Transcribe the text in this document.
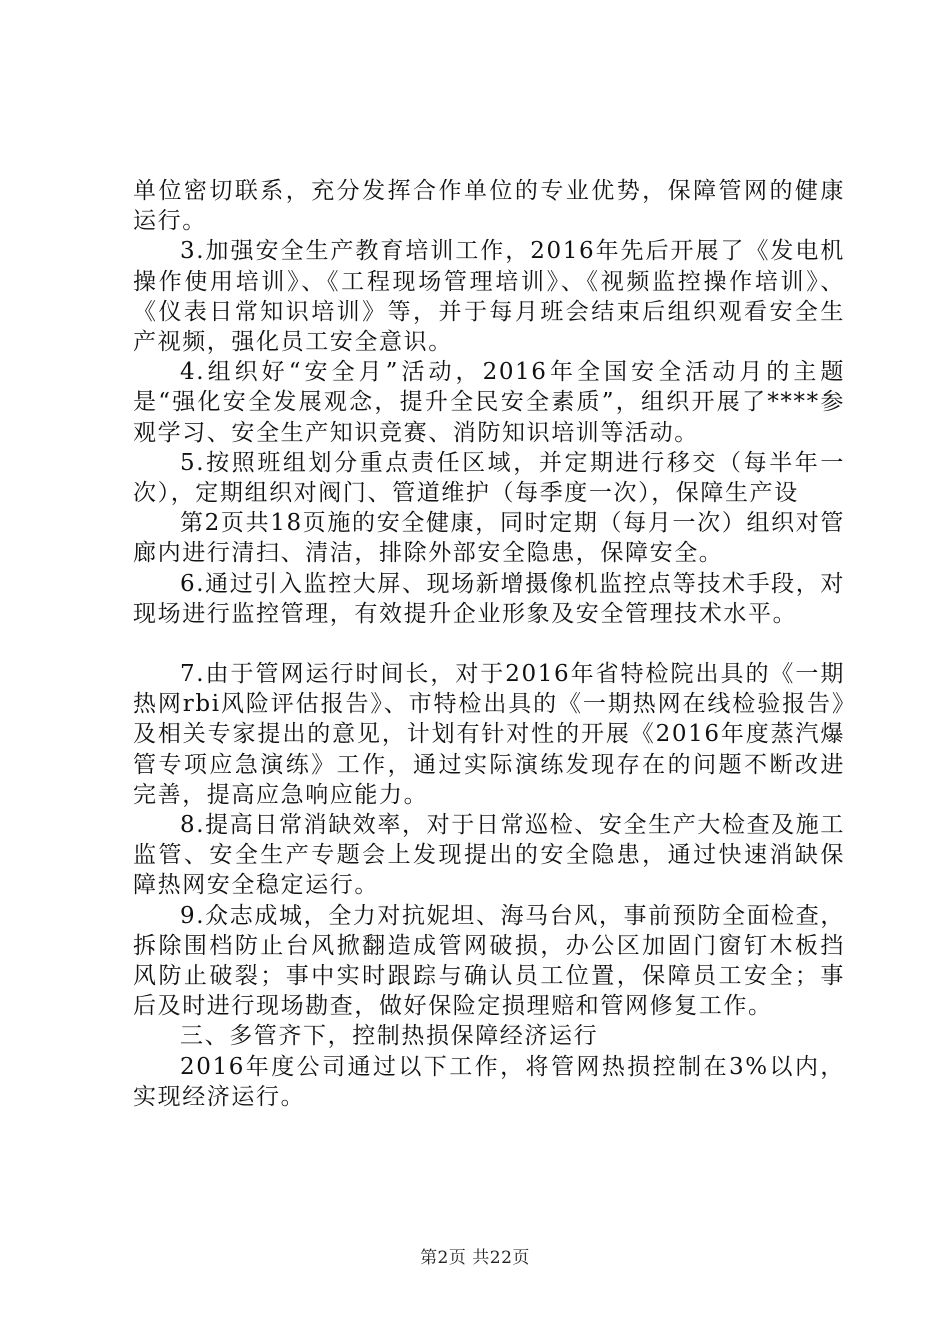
单位密切联系，充分发挥合作单位的专业优势，保障管网的健康运行。

3.加强安全生产教育培训工作，2016年先后开展了《发电机操作使用培训》、《工程现场管理培训》、《视频监控操作培训》、《仪表日常知识培训》等，并于每月班会结束后组织观看安全生产视频，强化员工安全意识。

4.组织好“安全月”活动，2016年全国安全活动月的主题是“强化安全发展观念，提升全民安全素质”，组织开展了****参观学习、安全生产知识竞赛、消防知识培训等活动。

5.按照班组划分重点责任区域，并定期进行移交（每半年一次），定期组织对阀门、管道维护（每季度一次），保障生产设

第2页共18页施的安全健康，同时定期（每月一次）组织对管廊内进行清扫、清洁，排除外部安全隐患，保障安全。

6.通过引入监控大屏、现场新增摄像机监控点等技术手段，对现场进行监控管理，有效提升企业形象及安全管理技术水平。

7.由于管网运行时间长，对于2016年省特检院出具的《一期热网rbi风险评估报告》、市特检出具的《一期热网在线检验报告》及相关专家提出的意见，计划有针对性的开展《2016年度蒸汽爆管专项应急演练》工作，通过实际演练发现存在的问题不断改进完善，提高应急响应能力。

8.提高日常消缺效率，对于日常巡检、安全生产大检查及施工监管、安全生产专题会上发现提出的安全隐患，通过快速消缺保障热网安全稳定运行。

9.众志成城，全力对抗妮坦、海马台风，事前预防全面检查，拆除围档防止台风掀翻造成管网破损，办公区加固门窗钉木板挡风防止破裂；事中实时跟踪与确认员工位置，保障员工安全；事后及时进行现场勘查，做好保险定损理赔和管网修复工作。

三、多管齐下，控制热损保障经济运行

2016年度公司通过以下工作，将管网热损控制在3%以内，实现经济运行。

第2页 共22页
